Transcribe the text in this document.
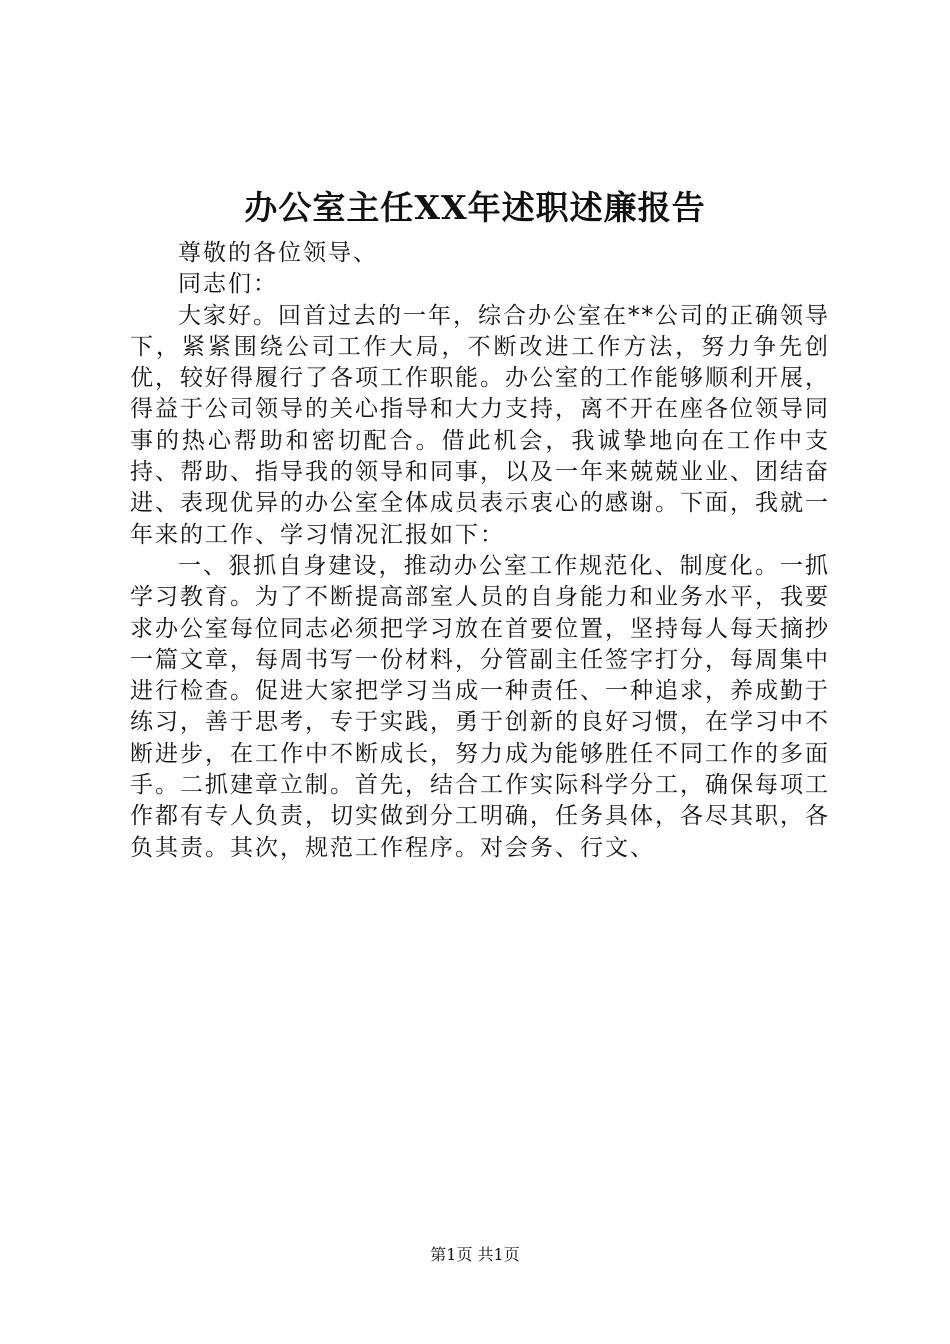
办公室主任XX年述职述廉报告

尊敬的各位领导、

同志们：

大家好。回首过去的一年，综合办公室在**公司的正确领导下，紧紧围绕公司工作大局，不断改进工作方法，努力争先创优，较好得履行了各项工作职能。办公室的工作能够顺利开展，得益于公司领导的关心指导和大力支持，离不开在座各位领导同事的热心帮助和密切配合。借此机会，我诚挚地向在工作中支持、帮助、指导我的领导和同事，以及一年来兢兢业业、团结奋进、表现优异的办公室全体成员表示衷心的感谢。下面，我就一年来的工作、学习情况汇报如下：

一、狠抓自身建设，推动办公室工作规范化、制度化。一抓学习教育。为了不断提高部室人员的自身能力和业务水平，我要求办公室每位同志必须把学习放在首要位置，坚持每人每天摘抄一篇文章，每周书写一份材料，分管副主任签字打分，每周集中进行检查。促进大家把学习当成一种责任、一种追求，养成勤于练习，善于思考，专于实践，勇于创新的良好习惯，在学习中不断进步，在工作中不断成长，努力成为能够胜任不同工作的多面手。二抓建章立制。首先，结合工作实际科学分工，确保每项工作都有专人负责，切实做到分工明确，任务具体，各尽其职，各负其责。其次，规范工作程序。对会务、行文、

第1页 共1页
